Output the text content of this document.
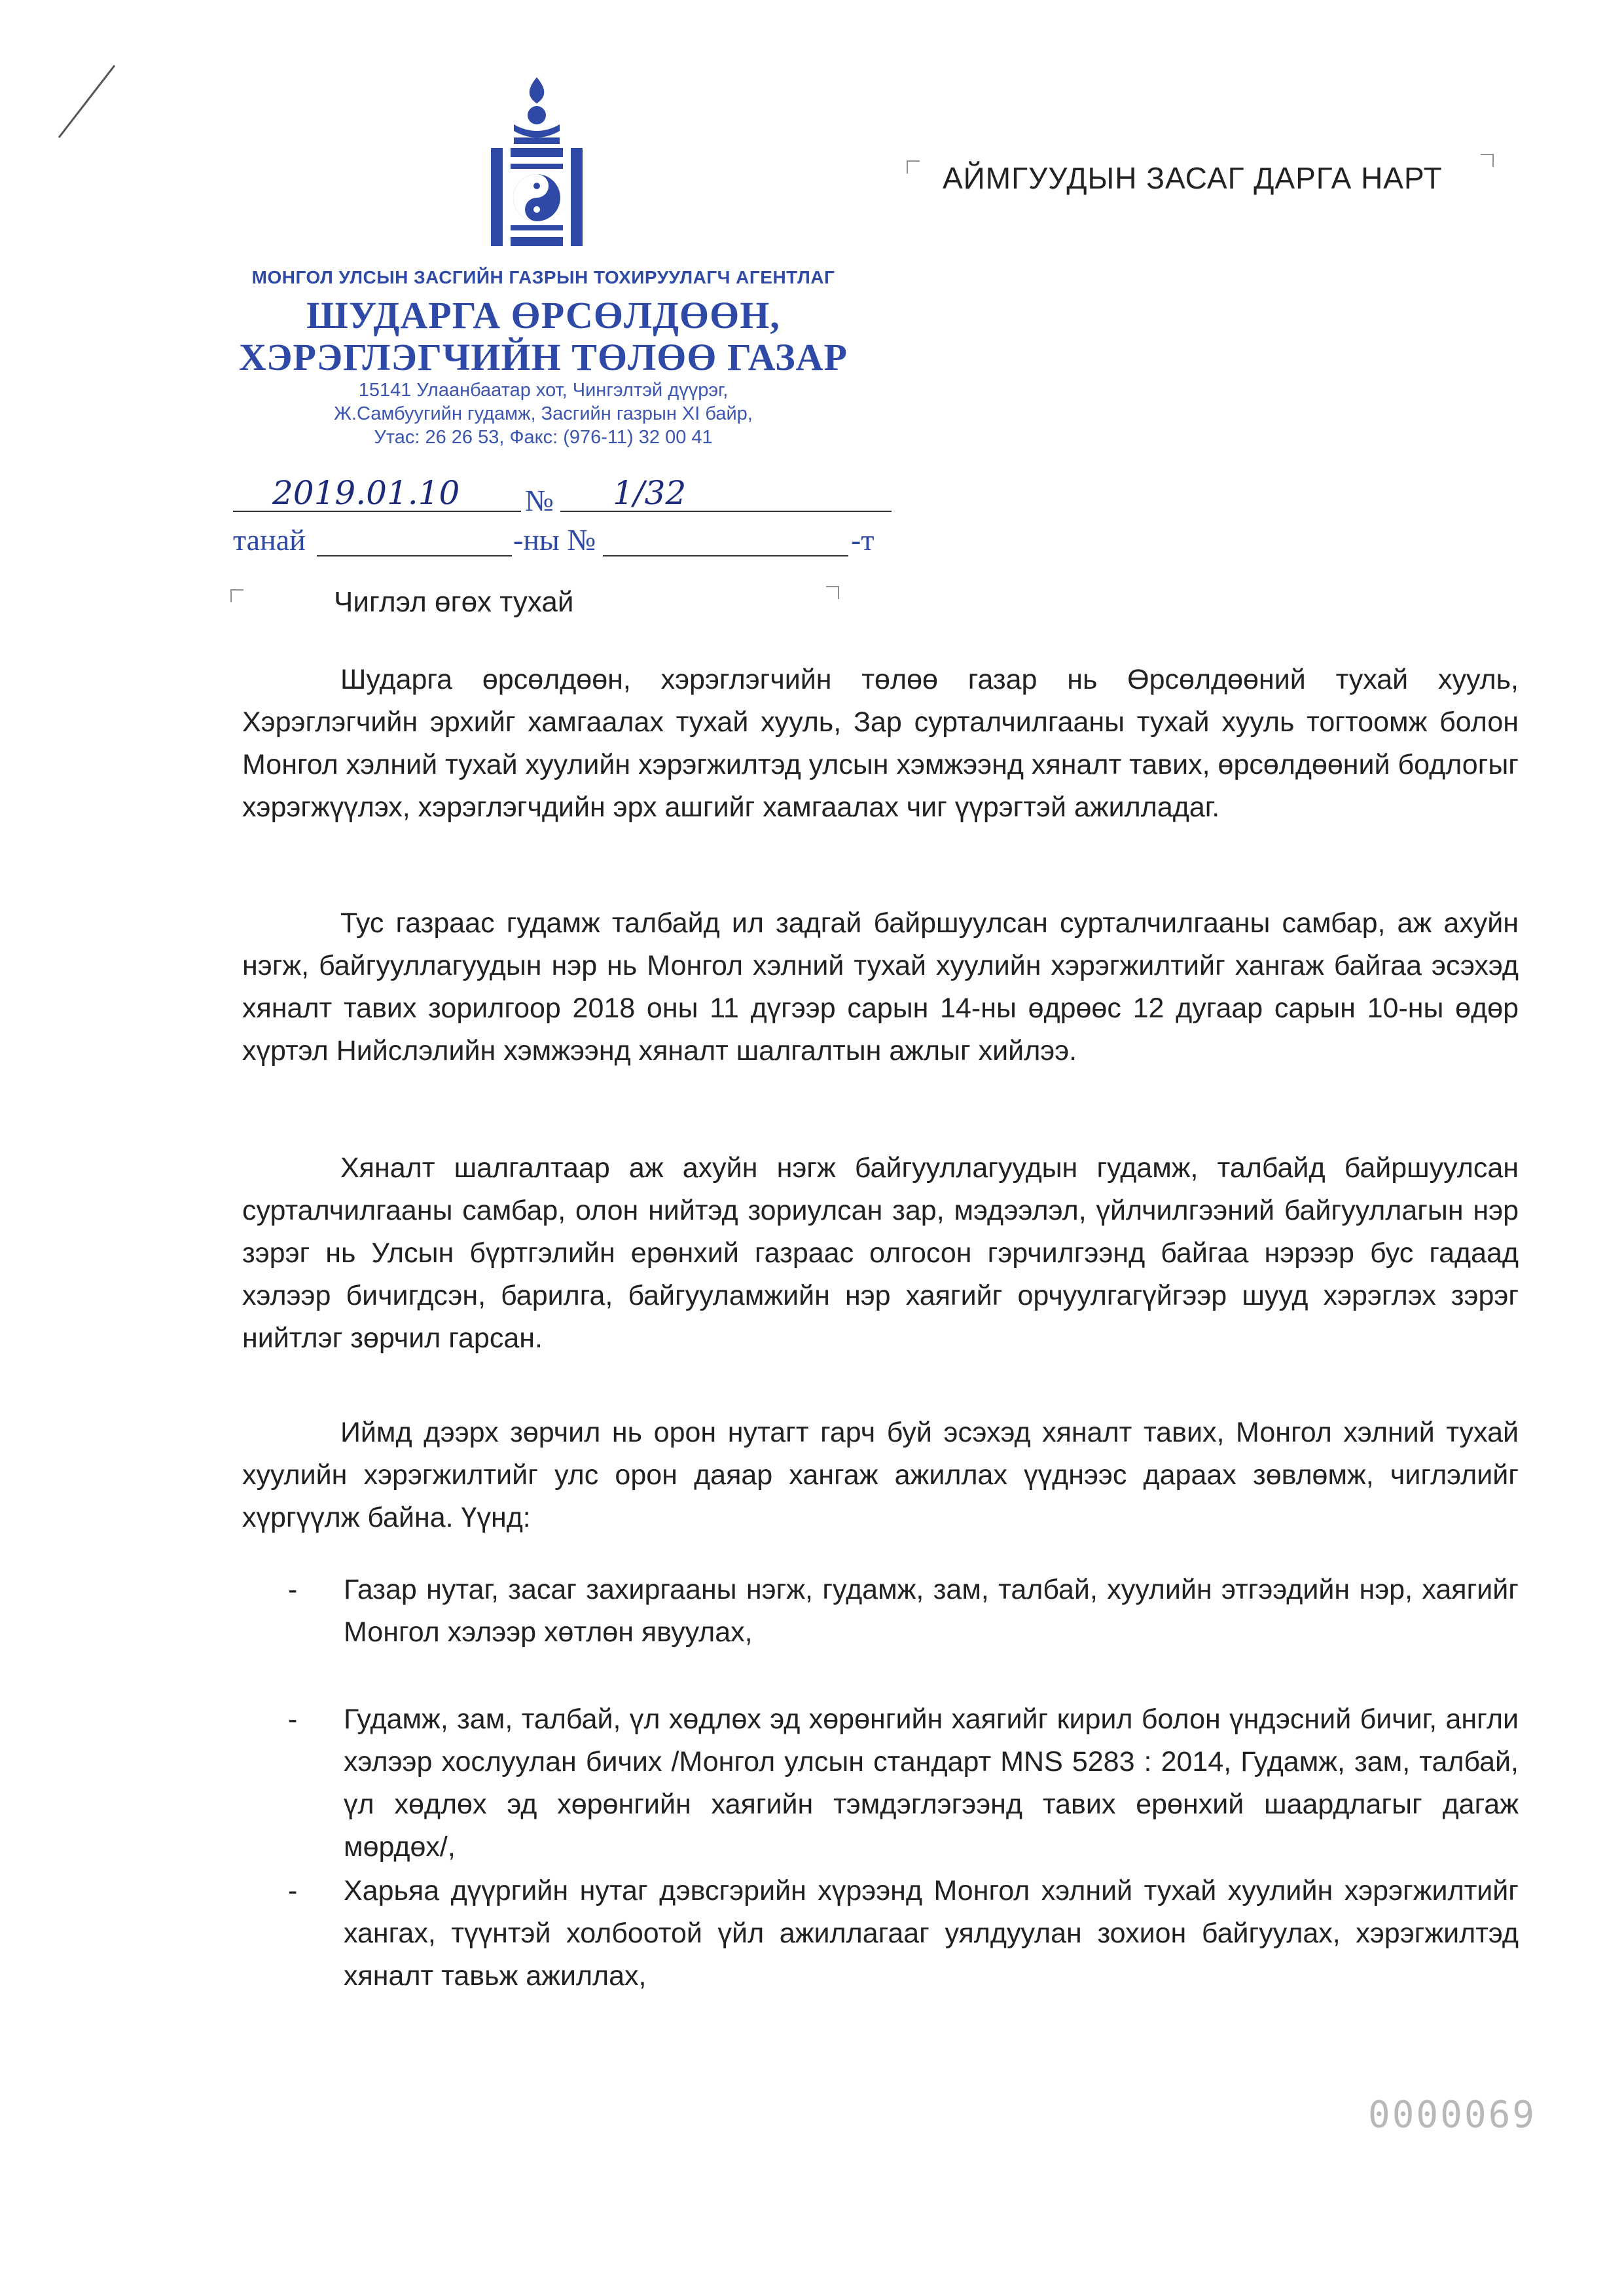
МОНГОЛ УЛСЫН ЗАСГИЙН ГАЗРЫН ТОХИРУУЛАГЧ АГЕНТЛАГ
ШУДАРГА ӨРСӨЛДӨӨН,
ХЭРЭГЛЭГЧИЙН ТӨЛӨӨ ГАЗАР
15141 Улаанбаатар хот, Чингэлтэй дүүрэг,
Ж.Самбуугийн гудамж, Засгийн газрын XI байр,
Утас: 26 26 53, Факс: (976-11) 32 00 41
2019.01.10 № 1/32
танай	-ны №	-т
АЙМГУУДЫН ЗАСАГ ДАРГА НАРТ
Чиглэл өгөх тухай

Шударга өрсөлдөөн, хэрэглэгчийн төлөө газар нь Өрсөлдөөний тухай хууль, Хэрэглэгчийн эрхийг хамгаалах тухай хууль, Зар сурталчилгааны тухай хууль тогтоомж болон Монгол хэлний тухай хуулийн хэрэгжилтэд улсын хэмжээнд хяналт тавих, өрсөлдөөний бодлогыг хэрэгжүүлэх, хэрэглэгчдийн эрх ашгийг хамгаалах чиг үүрэгтэй ажилладаг.

Тус газраас гудамж талбайд ил задгай байршуулсан сурталчилгааны самбар, аж ахуйн нэгж, байгууллагуудын нэр нь Монгол хэлний тухай хуулийн хэрэгжилтийг хангаж байгаа эсэхэд хяналт тавих зорилгоор 2018 оны 11 дүгээр сарын 14-ны өдрөөс 12 дугаар сарын 10-ны өдөр хүртэл Нийслэлийн хэмжээнд хяналт шалгалтын ажлыг хийлээ.

Хяналт шалгалтаар аж ахуйн нэгж байгууллагуудын гудамж, талбайд байршуулсан сурталчилгааны самбар, олон нийтэд зориулсан зар, мэдээлэл, үйлчилгээний байгууллагын нэр зэрэг нь Улсын бүртгэлийн ерөнхий газраас олгосон гэрчилгээнд байгаа нэрээр бус гадаад хэлээр бичигдсэн, барилга, байгууламжийн нэр хаягийг орчуулгагүйгээр шууд хэрэглэх зэрэг нийтлэг зөрчил гарсан.

Иймд дээрх зөрчил нь орон нутагт гарч буй эсэхэд хяналт тавих, Монгол хэлний тухай хуулийн хэрэгжилтийг улс орон даяар хангаж ажиллах үүднээс дараах зөвлөмж, чиглэлийг хүргүүлж байна. Үүнд:

- Газар нутаг, засаг захиргааны нэгж, гудамж, зам, талбай, хуулийн этгээдийн нэр, хаягийг Монгол хэлээр хөтлөн явуулах,

- Гудамж, зам, талбай, үл хөдлөх эд хөрөнгийн хаягийг кирил болон үндэсний бичиг, англи хэлээр хослуулан бичих /Монгол улсын стандарт MNS 5283 : 2014, Гудамж, зам, талбай, үл хөдлөх эд хөрөнгийн хаягийн тэмдэглэгээнд тавих ерөнхий шаардлагыг дагаж мөрдөх/,

- Харьяа дүүргийн нутаг дэвсгэрийн хүрээнд Монгол хэлний тухай хуулийн хэрэгжилтийг хангах, түүнтэй холбоотой үйл ажиллагааг уялдуулан зохион байгуулах, хэрэгжилтэд хяналт тавьж ажиллах,

0000069
